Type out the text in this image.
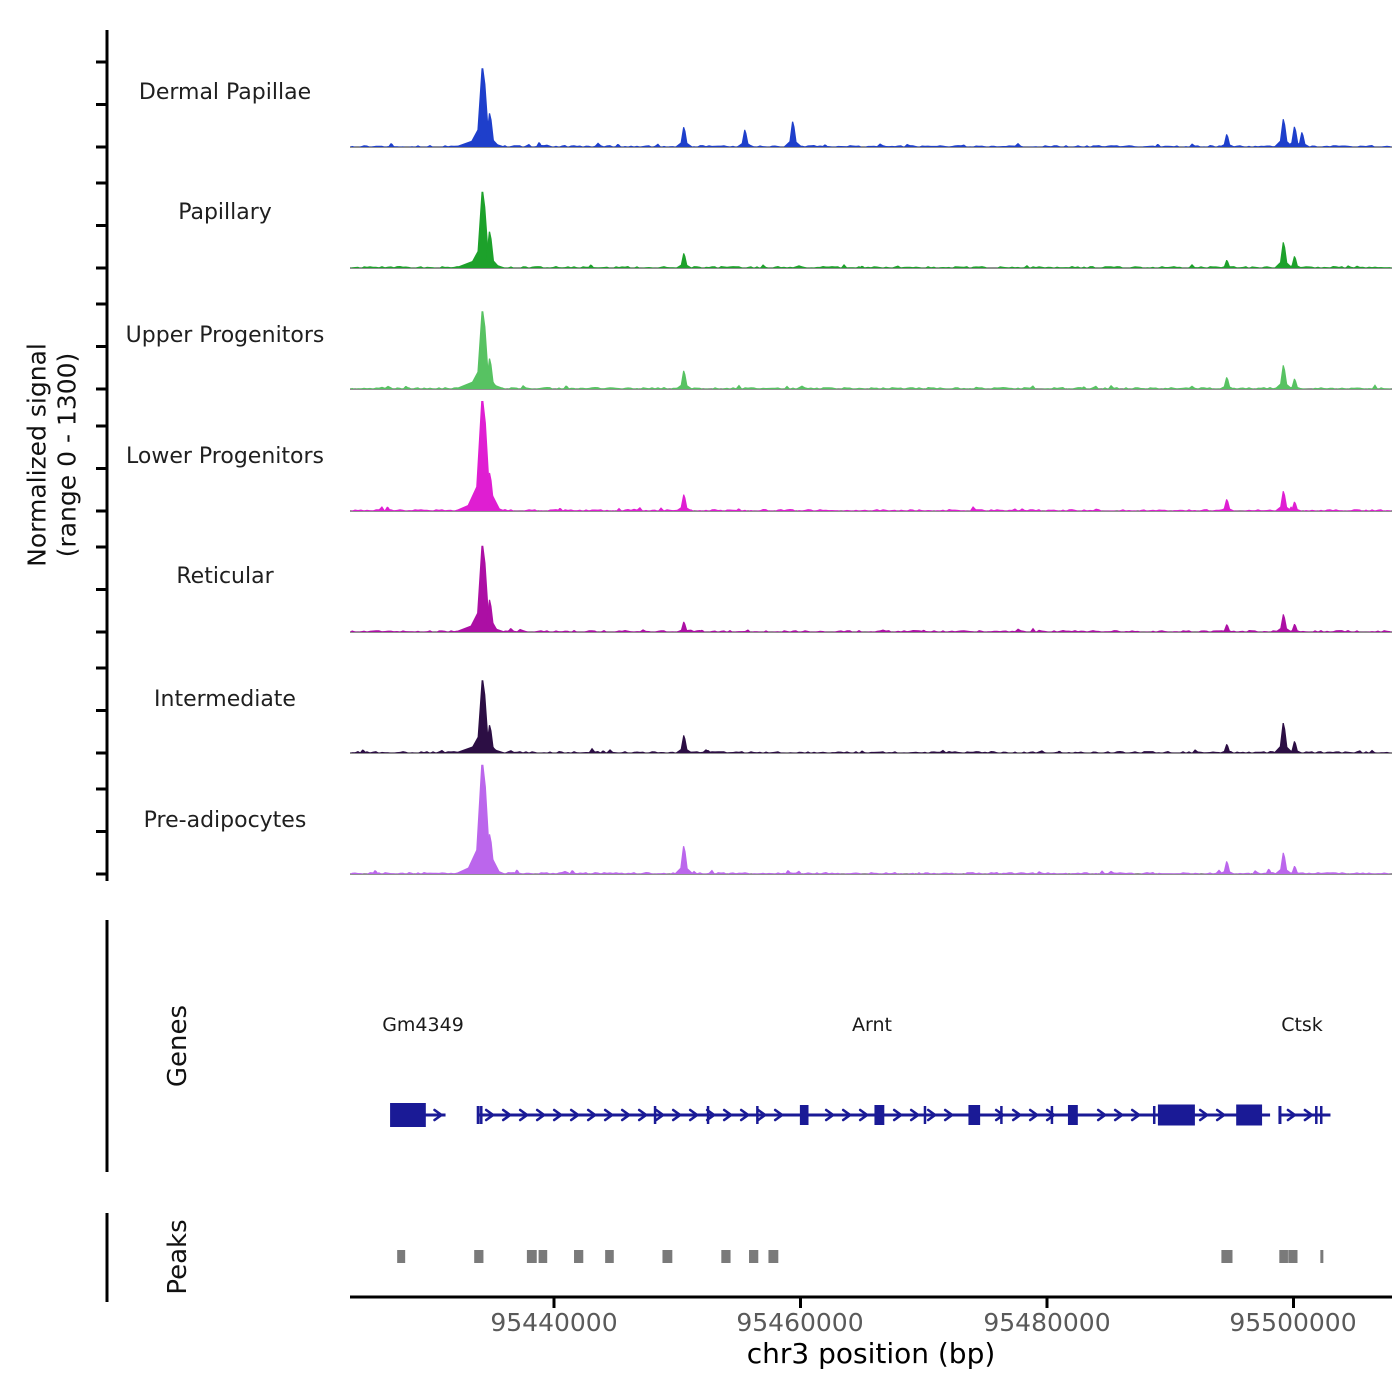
Normalized signal (range 0 - 1300)
Dermal Papillae
Papillary
Upper Progenitors
Lower Progenitors
Reticular
Intermediate
Pre-adipocytes
Genes
Peaks
Gm4349	Arnt	Ctsk
95440000	95460000	95480000	95500000
chr3 position (bp)
